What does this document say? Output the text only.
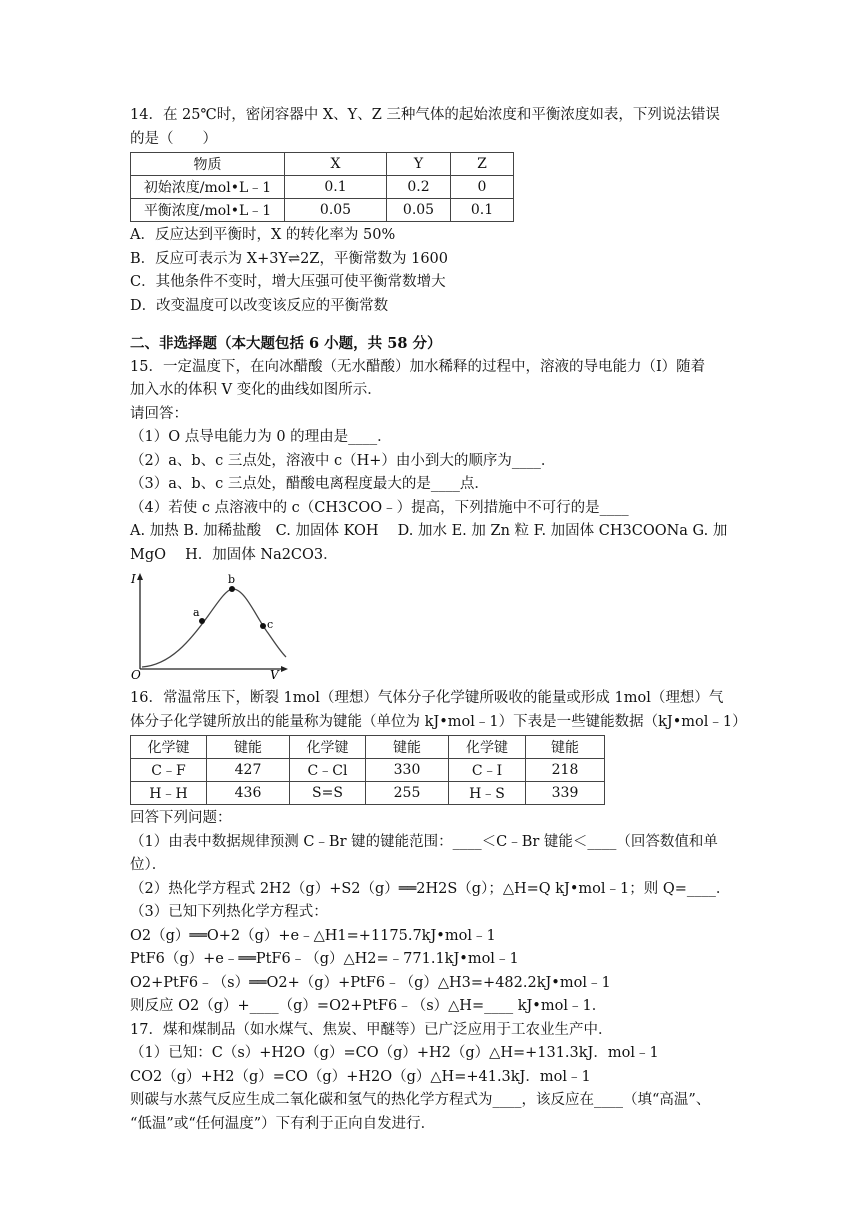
14．在 25℃时，密闭容器中 X、Y、Z 三种气体的起始浓度和平衡浓度如表，下列说法错误
的是（　　）
物质	X	Y	Z
初始浓度/mol•L﹣1	0.1	0.2	0
平衡浓度/mol•L﹣1	0.05	0.05	0.1
A．反应达到平衡时，X 的转化率为 50%
B．反应可表示为 X+3Y⇌2Z，平衡常数为 1600
C．其他条件不变时，增大压强可使平衡常数增大
D．改变温度可以改变该反应的平衡常数
二、非选择题（本大题包括 6 小题，共 58 分）
15．一定温度下，在向冰醋酸（无水醋酸）加水稀释的过程中，溶液的导电能力（I）随着
加入水的体积 V 变化的曲线如图所示．
请回答：
（1）O 点导电能力为 0 的理由是____．
（2）a、b、c 三点处，溶液中 c（H+）由小到大的顺序为____．
（3）a、b、c 三点处，醋酸电离程度最大的是____点．
（4）若使 c 点溶液中的 c（CH3COO﹣）提高，下列措施中不可行的是____
A. 加热 B. 加稀盐酸　C. 加固体 KOH　 D. 加水 E. 加 Zn 粒 F. 加固体 CH3COONa G. 加
MgO　 H．加固体 Na2CO3．
I
V
O
a
b
c
16．常温常压下，断裂 1mol（理想）气体分子化学键所吸收的能量或形成 1mol（理想）气
体分子化学键所放出的能量称为键能（单位为 kJ•mol﹣1）下表是一些键能数据（kJ•mol﹣1）
化学键	键能	化学键	键能	化学键	键能
C﹣F	427	C﹣Cl	330	C﹣I	218
H﹣H	436	S=S	255	H﹣S	339
回答下列问题：
（1）由表中数据规律预测 C﹣Br 键的键能范围：____＜C﹣Br 键能＜____（回答数值和单
位）．
（2）热化学方程式 2H2（g）+S2（g）══2H2S（g）；△H=Q kJ•mol﹣1；则 Q=____．
（3）已知下列热化学方程式：
O2（g）══O+2（g）+e﹣△H1=+1175.7kJ•mol﹣1
PtF6（g）+e﹣══PtF6﹣（g）△H2=﹣771.1kJ•mol﹣1
O2+PtF6﹣（s）══O2+（g）+PtF6﹣（g）△H3=+482.2kJ•mol﹣1
则反应 O2（g）+____（g）=O2+PtF6﹣（s）△H=____ kJ•mol﹣1．
17．煤和煤制品（如水煤气、焦炭、甲醚等）已广泛应用于工农业生产中．
（1）已知：C（s）+H2O（g）=CO（g）+H2（g）△H=+131.3kJ．mol﹣1
CO2（g）+H2（g）=CO（g）+H2O（g）△H=+41.3kJ．mol﹣1
则碳与水蒸气反应生成二氧化碳和氢气的热化学方程式为____，该反应在____（填“高温”、
“低温”或“任何温度”）下有利于正向自发进行．
